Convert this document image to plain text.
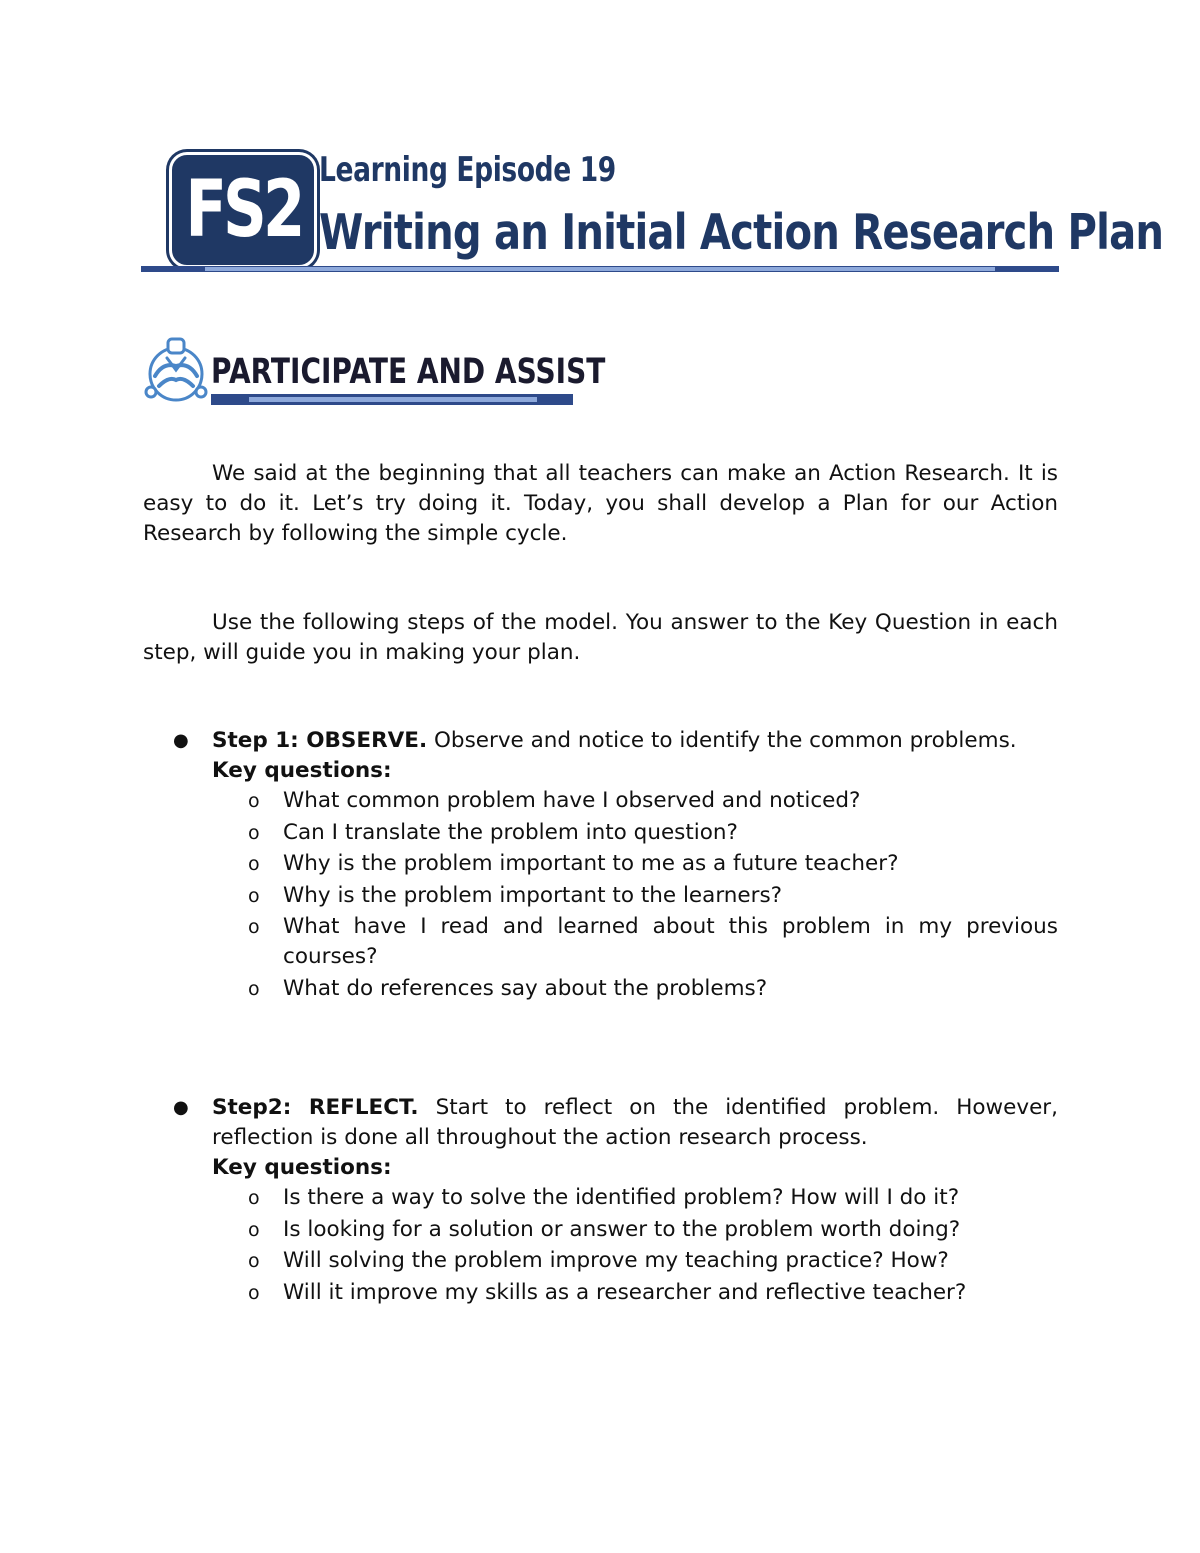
FS2 Learning Episode 19
Writing an Initial Action Research Plan
PARTICIPATE AND ASSIST

We said at the beginning that all teachers can make an Action Research. It is easy to do it. Let’s try doing it. Today, you shall develop a Plan for our Action Research by following the simple cycle.

Use the following steps of the model. You answer to the Key Question in each step, will guide you in making your plan.

● Step 1: OBSERVE. Observe and notice to identify the common problems.

Key questions:

o What common problem have I observed and noticed?
o Can I translate the problem into question?
o Why is the problem important to me as a future teacher?
o Why is the problem important to the learners?
o What have I read and learned about this problem in my previous courses?
o What do references say about the problems?
● Step2: REFLECT. Start to reflect on the identified problem. However, reflection is done all throughout the action research process.

Key questions:

o Is there a way to solve the identified problem? How will I do it?
o Is looking for a solution or answer to the problem worth doing?
o Will solving the problem improve my teaching practice? How?
o Will it improve my skills as a researcher and reflective teacher?
